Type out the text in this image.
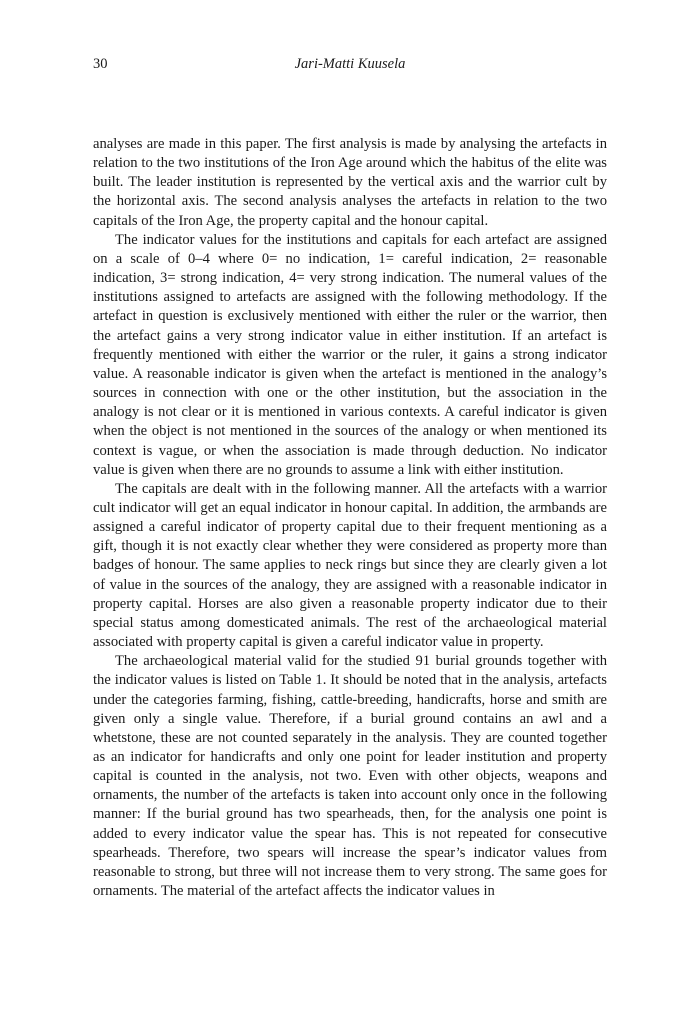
30	Jari-Matti Kuusela

analyses are made in this paper. The first analysis is made by analysing the artefacts in relation to the two institutions of the Iron Age around which the habitus of the elite was built. The leader institution is represented by the vertical axis and the warrior cult by the horizontal axis. The second analysis analyses the artefacts in relation to the two capitals of the Iron Age, the property capital and the honour capital.

The indicator values for the institutions and capitals for each artefact are assigned on a scale of 0–4 where 0= no indication, 1= careful indication, 2= reasonable indication, 3= strong indication, 4= very strong indication. The numeral values of the institutions assigned to artefacts are assigned with the following methodology. If the artefact in question is exclusively mentioned with either the ruler or the warrior, then the artefact gains a very strong indicator value in either institution. If an artefact is frequently mentioned with either the warrior or the ruler, it gains a strong indicator value. A reasonable indicator is given when the artefact is mentioned in the analogy’s sources in connection with one or the other institution, but the association in the analogy is not clear or it is mentioned in various contexts. A careful indicator is given when the object is not mentioned in the sources of the analogy or when mentioned its context is vague, or when the association is made through deduction. No indicator value is given when there are no grounds to assume a link with either institution.

The capitals are dealt with in the following manner. All the artefacts with a warrior cult indicator will get an equal indicator in honour capital. In addition, the armbands are assigned a careful indicator of property capital due to their frequent mentioning as a gift, though it is not exactly clear whether they were considered as property more than badges of honour. The same applies to neck rings but since they are clearly given a lot of value in the sources of the analogy, they are assigned with a reasonable indicator in property capital. Horses are also given a reasonable property indicator due to their special status among domesticated animals. The rest of the archaeological material associated with property capital is given a careful indicator value in property.

The archaeological material valid for the studied 91 burial grounds together with the indicator values is listed on Table 1. It should be noted that in the analysis, artefacts under the categories farming, fishing, cattle-breeding, handicrafts, horse and smith are given only a single value. Therefore, if a burial ground contains an awl and a whetstone, these are not counted separately in the analysis. They are counted together as an indicator for handicrafts and only one point for leader institution and property capital is counted in the analysis, not two. Even with other objects, weapons and ornaments, the number of the artefacts is taken into account only once in the following manner: If the burial ground has two spearheads, then, for the analysis one point is added to every indicator value the spear has. This is not repeated for consecutive spearheads. Therefore, two spears will increase the spear’s indicator values from reasonable to strong, but three will not increase them to very strong. The same goes for ornaments. The material of the artefact affects the indicator values in
